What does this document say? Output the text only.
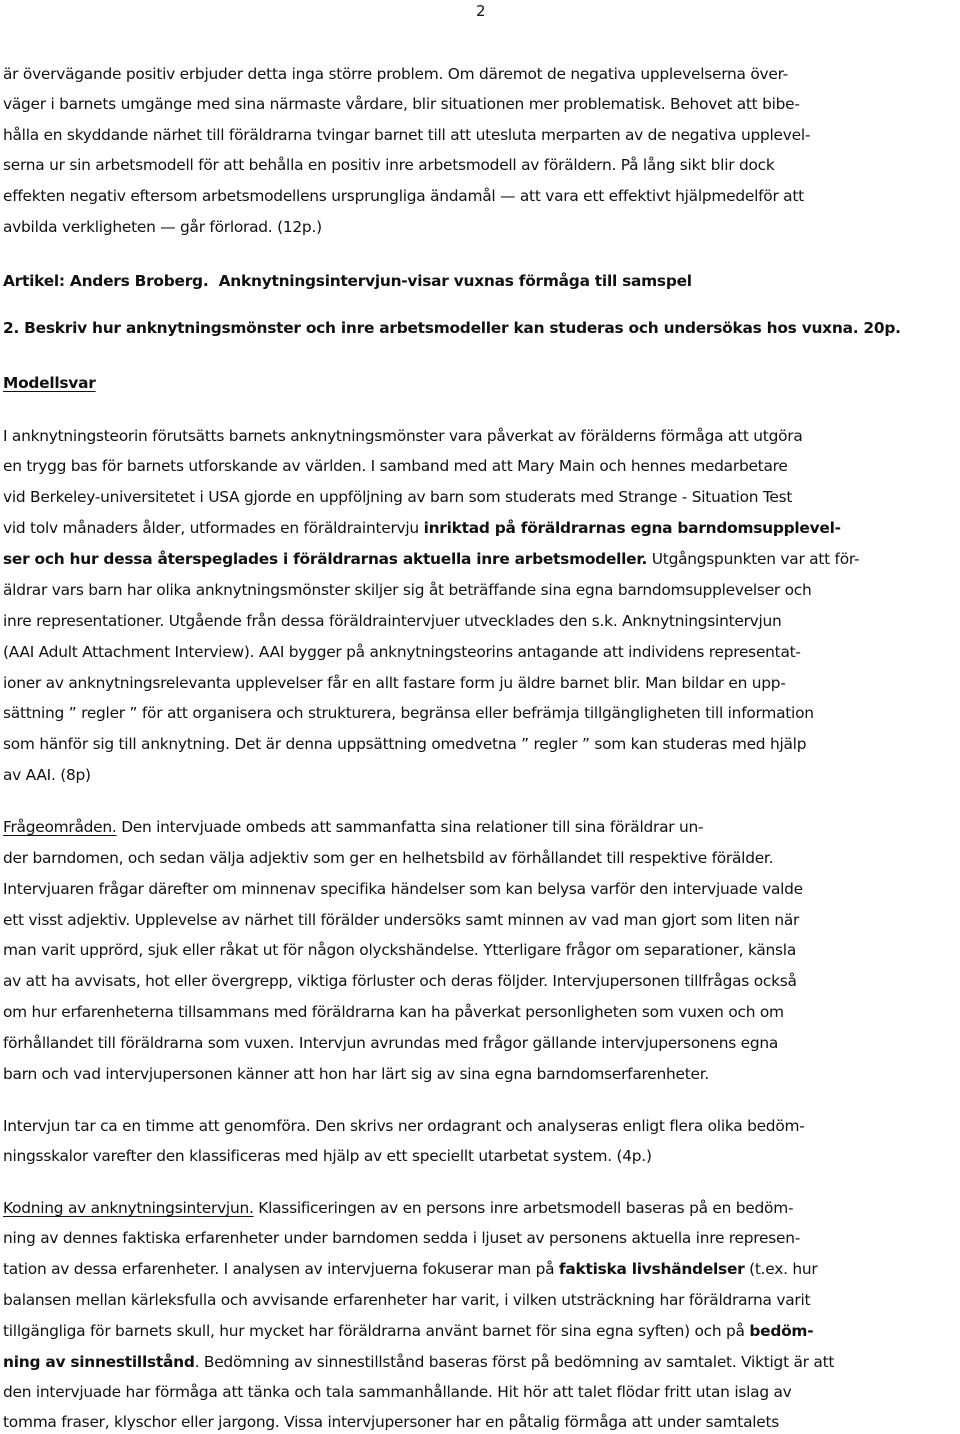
2
är övervägande positiv erbjuder detta inga större problem. Om däremot de negativa upplevelserna över-
väger i barnets umgänge med sina närmaste vårdare, blir situationen mer problematisk. Behovet att bibe-
hålla en skyddande närhet till föräldrarna tvingar barnet till att utesluta merparten av de negativa upplevel-
serna ur sin arbetsmodell för att behålla en positiv inre arbetsmodell av föräldern. På lång sikt blir dock
effekten negativ eftersom arbetsmodellens ursprungliga ändamål — att vara ett effektivt hjälpmedelför att
avbilda verkligheten — går förlorad. (12p.)
Artikel: Anders Broberg. Anknytningsintervjun-visar vuxnas förmåga till samspel
2. Beskriv hur anknytningsmönster och inre arbetsmodeller kan studeras och undersökas hos vuxna. 20p.
Modellsvar
I anknytningsteorin förutsätts barnets anknytningsmönster vara påverkat av förälderns förmåga att utgöra
en trygg bas för barnets utforskande av världen. I samband med att Mary Main och hennes medarbetare
vid Berkeley-universitetet i USA gjorde en uppföljning av barn som studerats med Strange - Situation Test
vid tolv månaders ålder, utformades en föräldraintervju inriktad på föräldrarnas egna barndomsupplevel-
ser och hur dessa återspeglades i föräldrarnas aktuella inre arbetsmodeller. Utgångspunkten var att för-
äldrar vars barn har olika anknytningsmönster skiljer sig åt beträffande sina egna barndomsupplevelser och
inre representationer. Utgående från dessa föräldraintervjuer utvecklades den s.k. Anknytningsintervjun
(AAI Adult Attachment Interview). AAI bygger på anknytningsteorins antagande att individens representat-
ioner av anknytningsrelevanta upplevelser får en allt fastare form ju äldre barnet blir. Man bildar en upp-
sättning ” regler ” för att organisera och strukturera, begränsa eller befrämja tillgängligheten till information
som hänför sig till anknytning. Det är denna uppsättning omedvetna ” regler ” som kan studeras med hjälp
av AAI. (8p)
Frågeområden. Den intervjuade ombeds att sammanfatta sina relationer till sina föräldrar un-
der barndomen, och sedan välja adjektiv som ger en helhetsbild av förhållandet till respektive förälder.
Intervjuaren frågar därefter om minnenav specifika händelser som kan belysa varför den intervjuade valde
ett visst adjektiv. Upplevelse av närhet till förälder undersöks samt minnen av vad man gjort som liten när
man varit upprörd, sjuk eller råkat ut för någon olyckshändelse. Ytterligare frågor om separationer, känsla
av att ha avvisats, hot eller övergrepp, viktiga förluster och deras följder. Intervjupersonen tillfrågas också
om hur erfarenheterna tillsammans med föräldrarna kan ha påverkat personligheten som vuxen och om
förhållandet till föräldrarna som vuxen. Intervjun avrundas med frågor gällande intervjupersonens egna
barn och vad intervjupersonen känner att hon har lärt sig av sina egna barndomserfarenheter.
Intervjun tar ca en timme att genomföra. Den skrivs ner ordagrant och analyseras enligt flera olika bedöm-
ningsskalor varefter den klassificeras med hjälp av ett speciellt utarbetat system. (4p.)
Kodning av anknytningsintervjun. Klassificeringen av en persons inre arbetsmodell baseras på en bedöm-
ning av dennes faktiska erfarenheter under barndomen sedda i ljuset av personens aktuella inre represen-
tation av dessa erfarenheter. I analysen av intervjuerna fokuserar man på faktiska livshändelser (t.ex. hur
balansen mellan kärleksfulla och avvisande erfarenheter har varit, i vilken utsträckning har föräldrarna varit
tillgängliga för barnets skull, hur mycket har föräldrarna använt barnet för sina egna syften) och på bedöm-
ning av sinnestillstånd. Bedömning av sinnestillstånd baseras först på bedömning av samtalet. Viktigt är att
den intervjuade har förmåga att tänka och tala sammanhållande. Hit hör att talet flödar fritt utan islag av
tomma fraser, klyschor eller jargong. Vissa intervjupersoner har en påtalig förmåga att under samtalets
